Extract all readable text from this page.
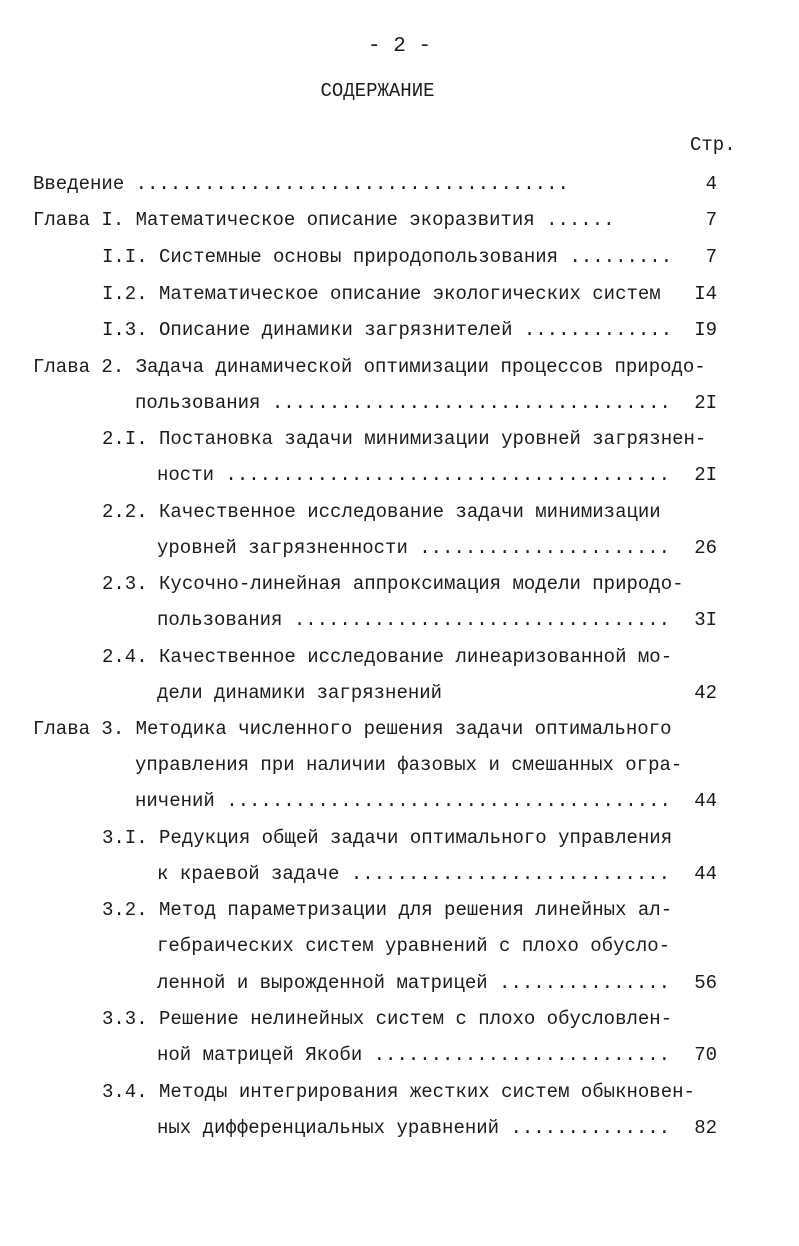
- 2 -
СОДЕРЖАНИЕ
Стр.
Введение ......................................	4
Глава I. Математическое описание экоразвития ......	7
I.I. Системные основы природопользования ......... 7
I.2. Математическое описание экологических систем I4
I.3. Описание динамики загрязнителей ............. I9
Глава 2. Задача динамической оптимизации процессов природо-
пользования ................................... 2I
2.I. Постановка задачи минимизации уровней загрязнен-
ности ....................................... 2I
2.2. Качественное исследование задачи минимизации
уровней загрязненности ...................... 26
2.3. Кусочно-линейная аппроксимация модели природо-
пользования ................................. 3I
2.4. Качественное исследование линеаризованной мо-
дели динамики загрязнений	42
Глава 3. Методика численного решения задачи оптимального
управления при наличии фазовых и смешанных огра-
ничений ....................................... 44
3.I. Редукция общей задачи оптимального управления
к краевой задаче ............................ 44
3.2. Метод параметризации для решения линейных ал-
гебраических систем уравнений с плохо обусло-
ленной и вырожденной матрицей ............... 56
3.3. Решение нелинейных систем с плохо обусловлен-
ной матрицей Якоби .......................... 70
3.4. Методы интегрирования жестких систем обыкновен-
ных дифференциальных уравнений .............. 82
